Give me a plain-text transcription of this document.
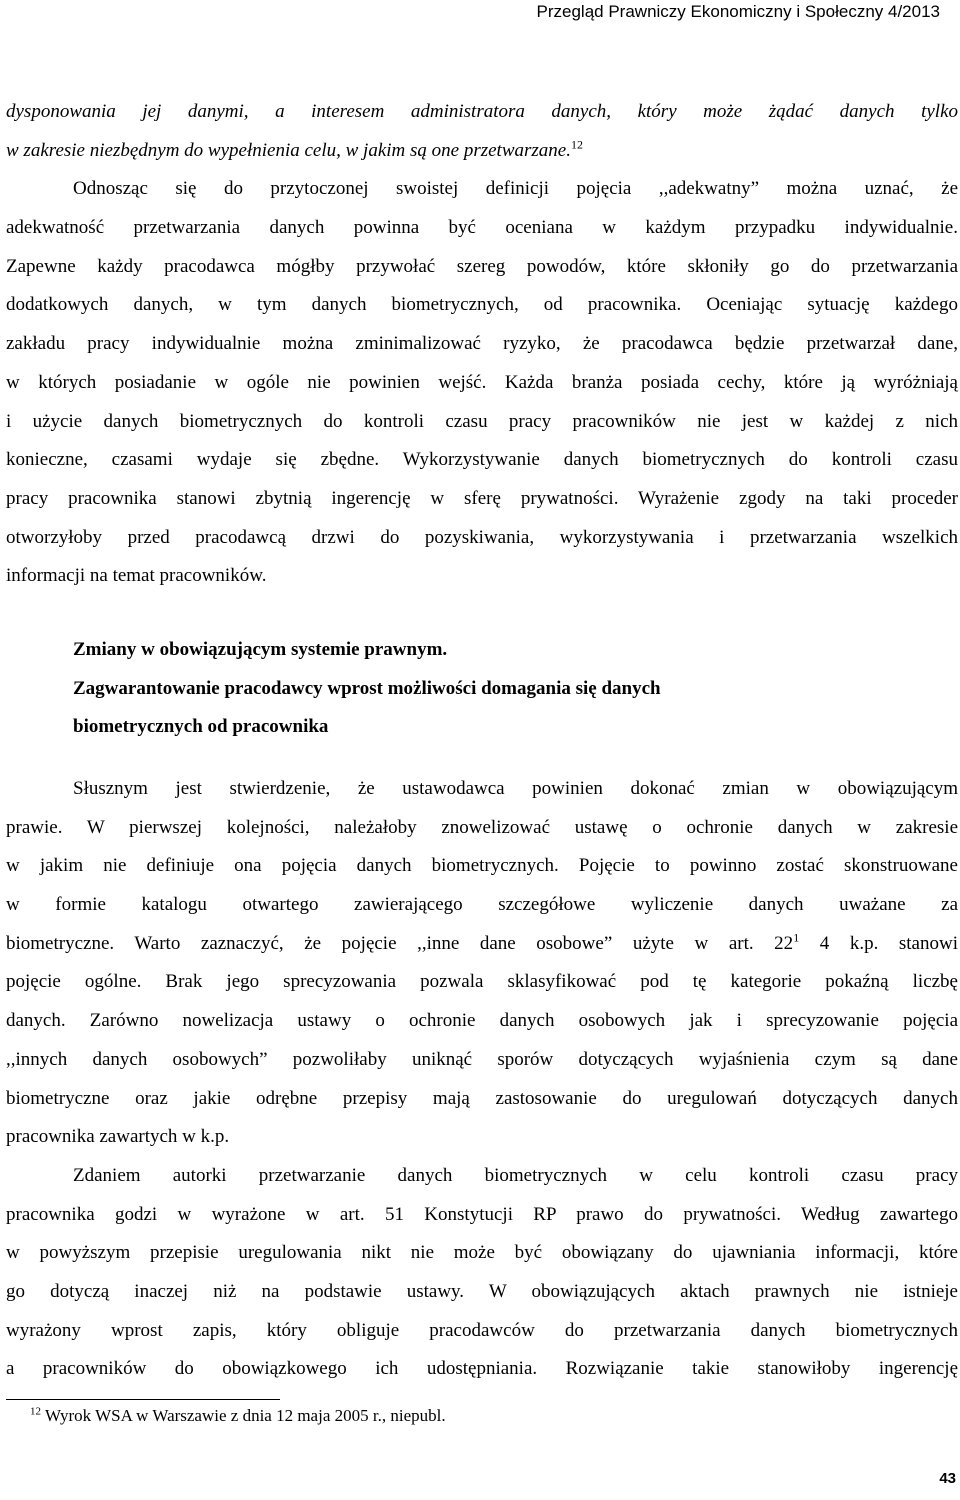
Przegląd Prawniczy Ekonomiczny i Społeczny 4/2013
dysponowania jej danymi, a interesem administratora danych, który może żądać danych tylko
w zakresie niezbędnym do wypełnienia celu, w jakim są one przetwarzane.$^{12}$
Odnosząc się do przytoczonej swoistej definicji pojęcia ,,adekwatny” można uznać, że
adekwatność przetwarzania danych powinna być oceniana w każdym przypadku indywidualnie.
Zapewne każdy pracodawca mógłby przywołać szereg powodów, które skłoniły go do przetwarzania
dodatkowych danych, w tym danych biometrycznych, od pracownika. Oceniając sytuację każdego
zakładu pracy indywidualnie można zminimalizować ryzyko, że pracodawca będzie przetwarzał dane,
w których posiadanie w ogóle nie powinien wejść. Każda branża posiada cechy, które ją wyróżniają
i użycie danych biometrycznych do kontroli czasu pracy pracowników nie jest w każdej z nich
konieczne, czasami wydaje się zbędne. Wykorzystywanie danych biometrycznych do kontroli czasu
pracy pracownika stanowi zbytnią ingerencję w sferę prywatności. Wyrażenie zgody na taki proceder
otworzyłoby przed pracodawcą drzwi do pozyskiwania, wykorzystywania i przetwarzania wszelkich
informacji na temat pracowników.
Zmiany w obowiązującym systemie prawnym.
Zagwarantowanie pracodawcy wprost możliwości domagania się danych
biometrycznych od pracownika
Słusznym jest stwierdzenie, że ustawodawca powinien dokonać zmian w obowiązującym
prawie. W pierwszej kolejności, należałoby znowelizować ustawę o ochronie danych w zakresie
w jakim nie definiuje ona pojęcia danych biometrycznych. Pojęcie to powinno zostać skonstruowane
w formie katalogu otwartego zawierającego szczegółowe wyliczenie danych uważane za
biometryczne. Warto zaznaczyć, że pojęcie ,,inne dane osobowe” użyte w art. $22^1$ 4 k.p. stanowi
pojęcie ogólne. Brak jego sprecyzowania pozwala sklasyfikować pod tę kategorie pokaźną liczbę
danych. Zarówno nowelizacja ustawy o ochronie danych osobowych jak i sprecyzowanie pojęcia
,,innych danych osobowych” pozwoliłaby uniknąć sporów dotyczących wyjaśnienia czym są dane
biometryczne oraz jakie odrębne przepisy mają zastosowanie do uregulowań dotyczących danych
pracownika zawartych w k.p.
Zdaniem autorki przetwarzanie danych biometrycznych w celu kontroli czasu pracy
pracownika godzi w wyrażone w art. 51 Konstytucji RP prawo do prywatności. Według zawartego
w powyższym przepisie uregulowania nikt nie może być obowiązany do ujawniania informacji, które
go dotyczą inaczej niż na podstawie ustawy. W obowiązujących aktach prawnych nie istnieje
wyrażony wprost zapis, który obliguje pracodawców do przetwarzania danych biometrycznych
a pracowników do obowiązkowego ich udostępniania. Rozwiązanie takie stanowiłoby ingerencję
$^{12}$ Wyrok WSA w Warszawie z dnia 12 maja 2005 r., niepubl.
43
